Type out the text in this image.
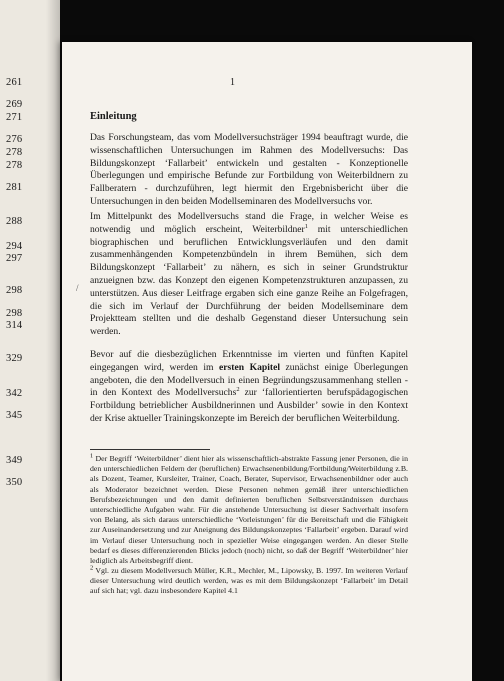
261
269
271
276
278
278
281
288
294
297
298
298
314
329
342
345
349
350
1
/
Einleitung

Das Forschungsteam, das vom Modellversuchsträger 1994 beauftragt wurde, die wissenschaftlichen Untersuchungen im Rahmen des Modellversuchs: Das Bildungskonzept ‘Fallarbeit’ entwickeln und gestalten - Konzeptionelle Überlegungen und empirische Befunde zur Fortbildung von Weiterbildnern zu Fallberatern - durchzuführen, legt hiermit den Ergebnisbericht über die Untersuchungen in den beiden Modellseminaren des Modellversuchs vor.

Im Mittelpunkt des Modellversuchs stand die Frage, in welcher Weise es notwendig und möglich erscheint, Weiterbildner$^1$ mit unterschiedlichen biographischen und beruflichen Entwicklungsverläufen und den damit zusammenhängenden Kompetenzbündeln in ihrem Bemühen, sich dem Bildungskonzept ‘Fallarbeit’ zu nähern, es sich in seiner Grundstruktur anzueignen bzw. das Konzept den eigenen Kompetenzstrukturen anzupassen, zu unterstützen. Aus dieser Leitfrage ergaben sich eine ganze Reihe an Folgefragen, die sich im Verlauf der Durchführung der beiden Modellseminare dem Projektteam stellten und die deshalb Gegenstand dieser Untersuchung sein werden.

Bevor auf die diesbezüglichen Erkenntnisse im vierten und fünften Kapitel eingegangen wird, werden im ersten Kapitel zunächst einige Überlegungen angeboten, die den Modellversuch in einen Begründungszusammenhang stellen - in den Kontext des Modellversuchs$^2$ zur ‘fallorientierten berufspädagogischen Fortbildung betrieblicher Ausbildnerinnen und Ausbilder’ sowie in den Kontext der Krise aktueller Trainingskonzepte im Bereich der beruflichen Weiterbildung.

$^1$ Der Begriff ‘Weiterbildner’ dient hier als wissenschaftlich-abstrakte Fassung jener Personen, die in den unterschiedlichen Feldern der (beruflichen) Erwachsenenbildung/Fortbildung/Weiterbildung z.B. als Dozent, Teamer, Kursleiter, Trainer, Coach, Berater, Supervisor, Erwachsenenbildner oder auch als Moderator bezeichnet werden. Diese Personen nehmen gemäß ihrer unterschiedlichen Berufsbezeichnungen und den damit definierten beruflichen Selbstverständnissen durchaus unterschiedliche Aufgaben wahr. Für die anstehende Untersuchung ist dieser Sachverhalt insofern von Belang, als sich daraus unterschiedliche ‘Vorleistungen’ für die Bereitschaft und die Fähigkeit zur Auseinandersetzung und zur Aneignung des Bildungskonzeptes ‘Fallarbeit’ ergeben. Darauf wird im Verlauf dieser Untersuchung noch in spezieller Weise eingegangen werden. An dieser Stelle bedarf es dieses differenzierenden Blicks jedoch (noch) nicht, so daß der Begriff ‘Weiterbildner’ hier lediglich als Arbeitsbegriff dient.

$^2$ Vgl. zu diesem Modellversuch Müller, K.R., Mechler, M., Lipowsky, B. 1997. Im weiteren Verlauf dieser Untersuchung wird deutlich werden, was es mit dem Bildungskonzept ‘Fallarbeit’ im Detail auf sich hat; vgl. dazu insbesondere Kapitel 4.1
